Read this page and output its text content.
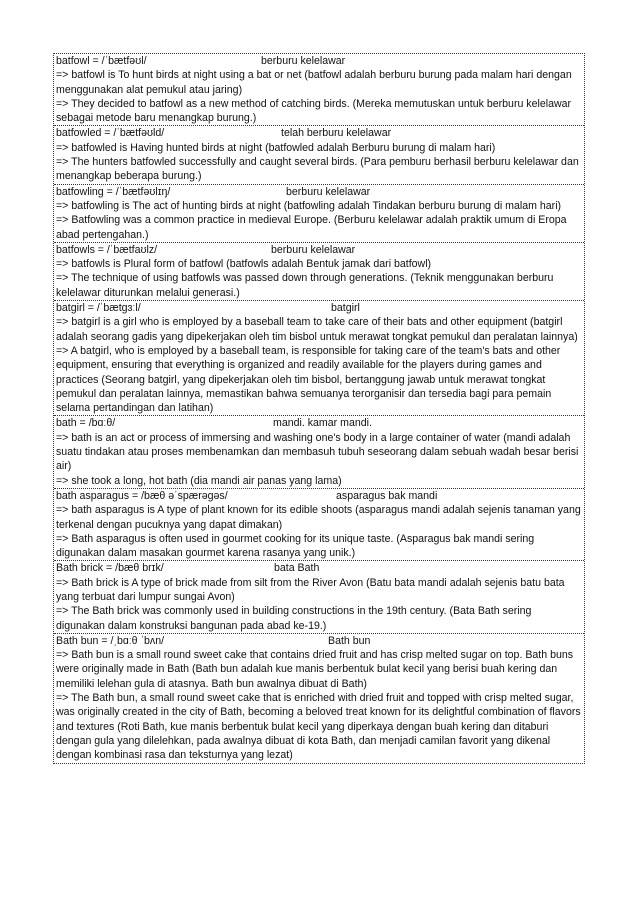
batfowl = /ˈbætfəʊl/	berburu kelelawar
=> batfowl is To hunt birds at night using a bat or net (batfowl adalah berburu burung pada malam hari dengan menggunakan alat pemukul atau jaring)
=> They decided to batfowl as a new method of catching birds. (Mereka memutuskan untuk berburu kelelawar sebagai metode baru menangkap burung.)
batfowled = /ˈbætfəʊld/	telah berburu kelelawar
=> batfowled is Having hunted birds at night (batfowled adalah Berburu burung di malam hari)
=> The hunters batfowled successfully and caught several birds. (Para pemburu berhasil berburu kelelawar dan menangkap beberapa burung.)
batfowling = /ˈbætfəʊlɪŋ/	berburu kelelawar
=> batfowling is The act of hunting birds at night (batfowling adalah Tindakan berburu burung di malam hari)
=> Batfowling was a common practice in medieval Europe. (Berburu kelelawar adalah praktik umum di Eropa abad pertengahan.)
batfowls = /ˈbætfaʊlz/	berburu kelelawar
=> batfowls is Plural form of batfowl (batfowls adalah Bentuk jamak dari batfowl)
=> The technique of using batfowls was passed down through generations. (Teknik menggunakan berburu kelelawar diturunkan melalui generasi.)
batgirl = /ˈbætgɜːl/	batgirl
=> batgirl is a girl who is employed by a baseball team to take care of their bats and other equipment (batgirl adalah seorang gadis yang dipekerjakan oleh tim bisbol untuk merawat tongkat pemukul dan peralatan lainnya)
=> A batgirl, who is employed by a baseball team, is responsible for taking care of the team's bats and other equipment, ensuring that everything is organized and readily available for the players during games and practices (Seorang batgirl, yang dipekerjakan oleh tim bisbol, bertanggung jawab untuk merawat tongkat pemukul dan peralatan lainnya, memastikan bahwa semuanya terorganisir dan tersedia bagi para pemain selama pertandingan dan latihan)
bath = /bɑːθ/	mandi. kamar mandi.
=> bath is an act or process of immersing and washing one's body in a large container of water (mandi adalah suatu tindakan atau proses membenamkan dan membasuh tubuh seseorang dalam sebuah wadah besar berisi air)
=> she took a long, hot bath (dia mandi air panas yang lama)
bath asparagus = /bæθ əˈspærəgəs/	asparagus bak mandi
=> bath asparagus is A type of plant known for its edible shoots (asparagus mandi adalah sejenis tanaman yang terkenal dengan pucuknya yang dapat dimakan)
=> Bath asparagus is often used in gourmet cooking for its unique taste. (Asparagus bak mandi sering digunakan dalam masakan gourmet karena rasanya yang unik.)
Bath brick = /bæθ brɪk/	bata Bath
=> Bath brick is A type of brick made from silt from the River Avon (Batu bata mandi adalah sejenis batu bata yang terbuat dari lumpur sungai Avon)
=> The Bath brick was commonly used in building constructions in the 19th century. (Bata Bath sering digunakan dalam konstruksi bangunan pada abad ke-19.)
Bath bun = /ˌbɑːθ ˈbʌn/	Bath bun
=> Bath bun is a small round sweet cake that contains dried fruit and has crisp melted sugar on top. Bath buns were originally made in Bath (Bath bun adalah kue manis berbentuk bulat kecil yang berisi buah kering dan memiliki lelehan gula di atasnya. Bath bun awalnya dibuat di Bath)
=> The Bath bun, a small round sweet cake that is enriched with dried fruit and topped with crisp melted sugar, was originally created in the city of Bath, becoming a beloved treat known for its delightful combination of flavors and textures (Roti Bath, kue manis berbentuk bulat kecil yang diperkaya dengan buah kering dan ditaburi dengan gula yang dilelehkan, pada awalnya dibuat di kota Bath, dan menjadi camilan favorit yang dikenal dengan kombinasi rasa dan teksturnya yang lezat)
